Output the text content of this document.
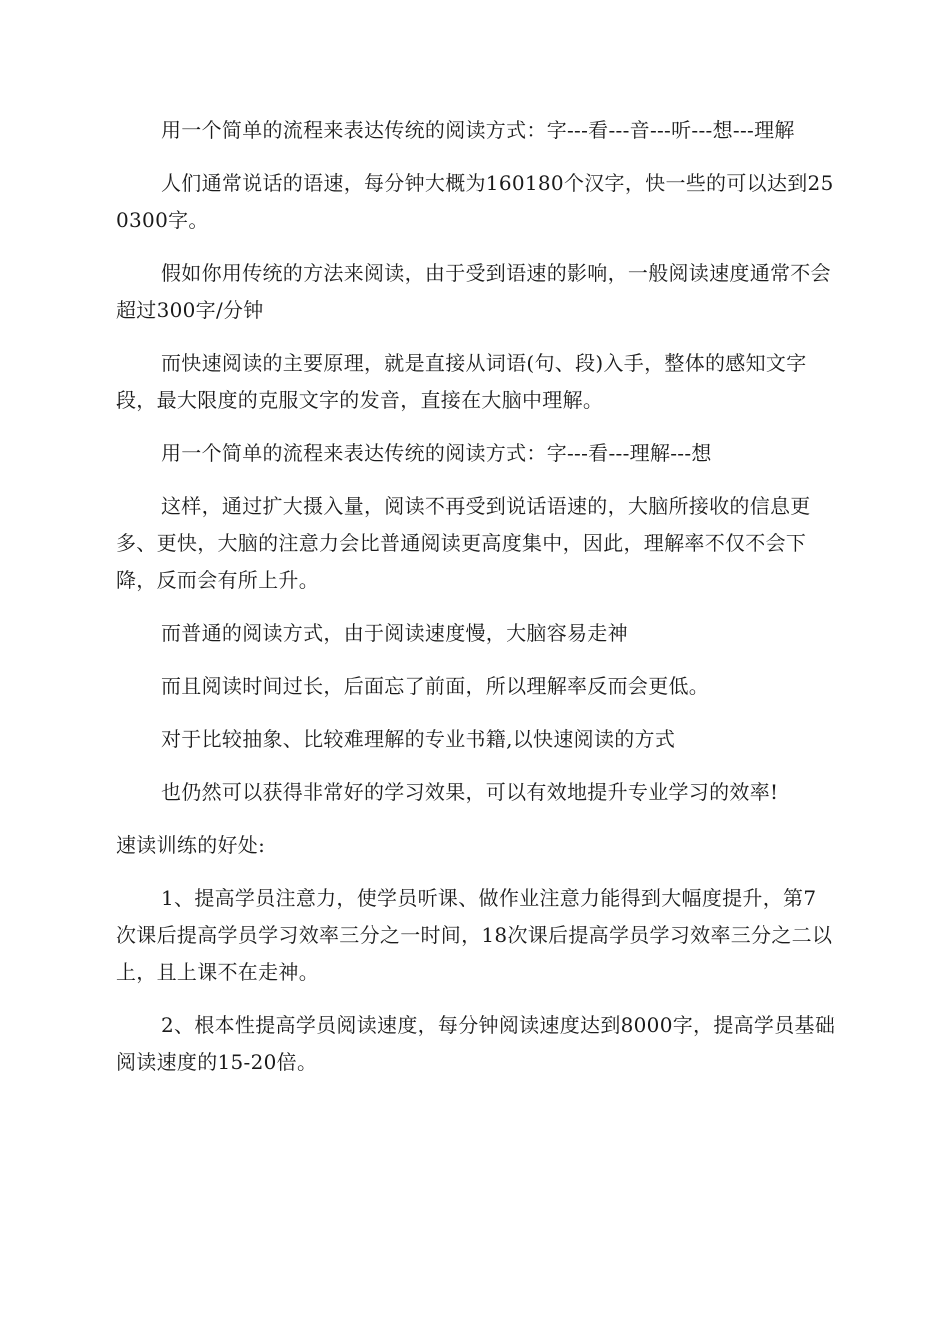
用一个简单的流程来表达传统的阅读方式：字---看---音---听---想---理解

人们通常说话的语速，每分钟大概为160180个汉字，快一些的可以达到250300字。

假如你用传统的方法来阅读，由于受到语速的影响，一般阅读速度通常不会超过300字/分钟

而快速阅读的主要原理，就是直接从词语(句、段)入手，整体的感知文字段，最大限度的克服文字的发音，直接在大脑中理解。

用一个简单的流程来表达传统的阅读方式：字---看---理解---想

这样，通过扩大摄入量，阅读不再受到说话语速的，大脑所接收的信息更多、更快，大脑的注意力会比普通阅读更高度集中，因此，理解率不仅不会下降，反而会有所上升。

而普通的阅读方式，由于阅读速度慢，大脑容易走神

而且阅读时间过长，后面忘了前面，所以理解率反而会更低。

对于比较抽象、比较难理解的专业书籍,以快速阅读的方式

也仍然可以获得非常好的学习效果，可以有效地提升专业学习的效率!

速读训练的好处:

1、提高学员注意力，使学员听课、做作业注意力能得到大幅度提升，第7次课后提高学员学习效率三分之一时间，18次课后提高学员学习效率三分之二以上，且上课不在走神。

2、根本性提高学员阅读速度，每分钟阅读速度达到8000字，提高学员基础阅读速度的15-20倍。
